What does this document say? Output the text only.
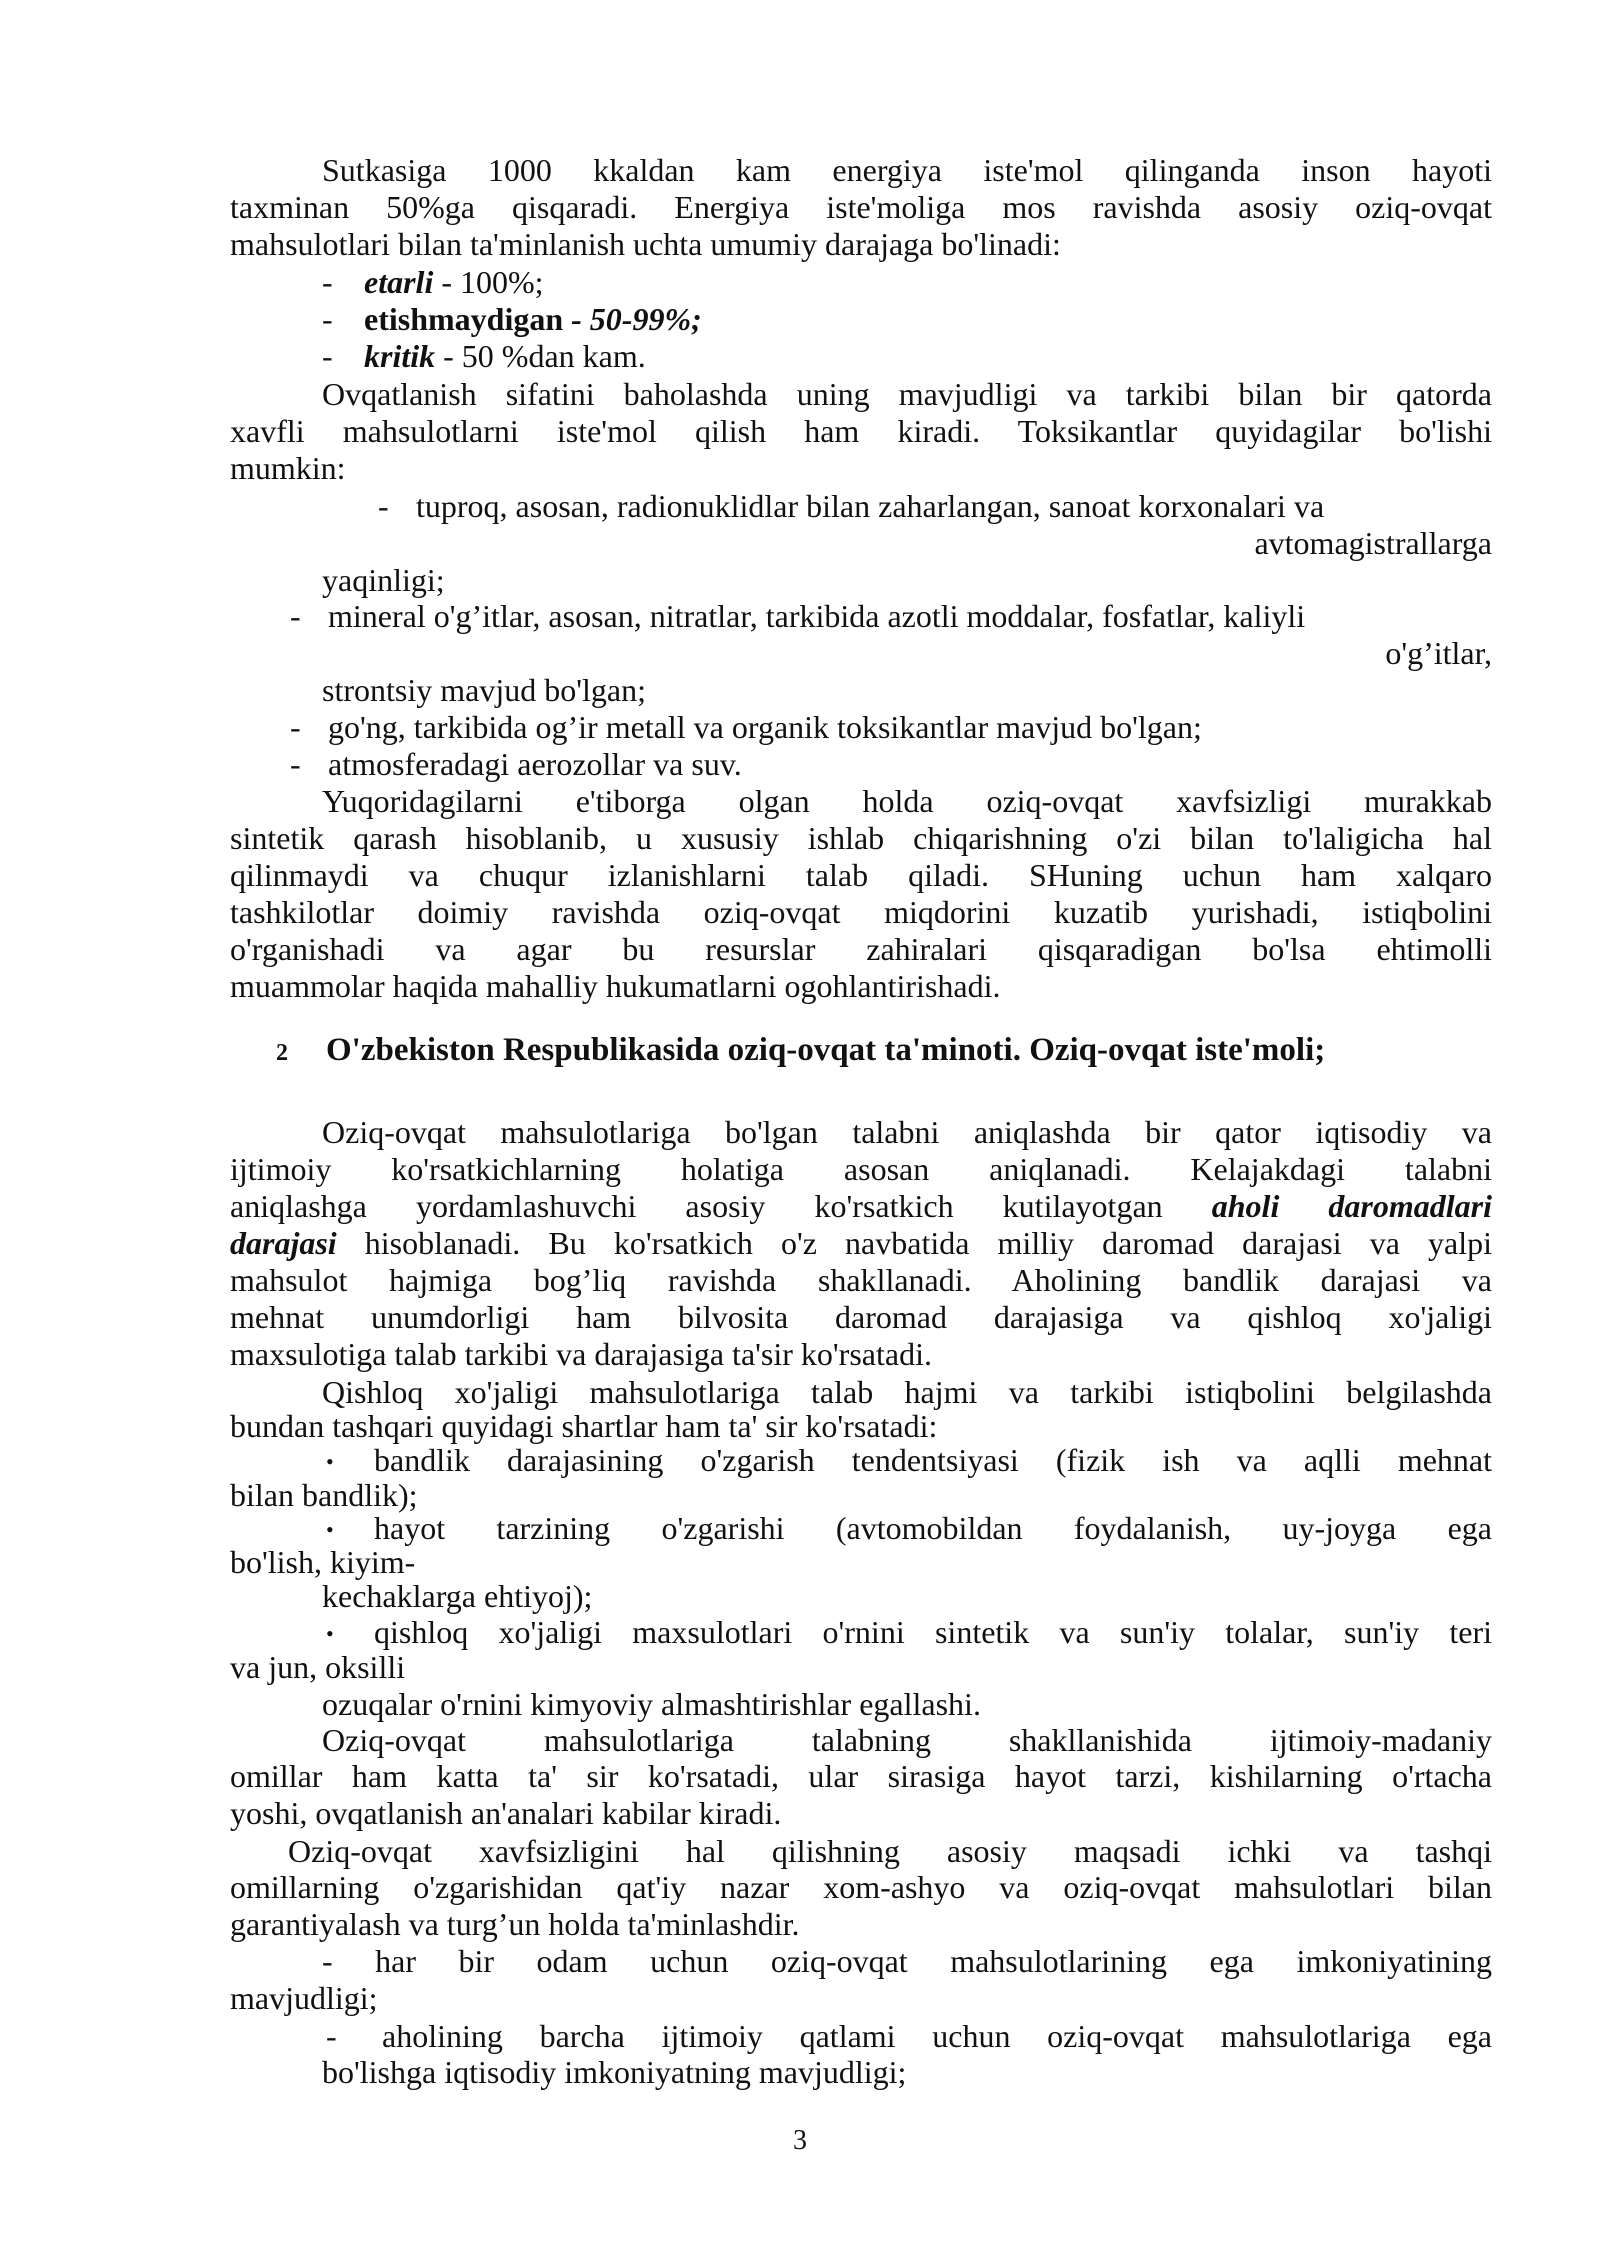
Sutkasiga 1000 kkaldan kam energiya iste'mol qilinganda inson hayoti
taxminan 50%ga qisqaradi. Energiya iste'moliga mos ravishda asosiy oziq-ovqat
mahsulotlari bilan ta'minlanish uchta umumiy darajaga bo'linadi:
- etarli - 100%;
- etishmaydigan - 50-99%;
- kritik - 50 %dan kam.
Ovqatlanish sifatini baholashda uning mavjudligi va tarkibi bilan bir qatorda
xavfli mahsulotlarni iste'mol qilish ham kiradi. Toksikantlar quyidagilar bo'lishi
mumkin:
- tuproq, asosan, radionuklidlar bilan zaharlangan, sanoat korxonalari va
avtomagistrallarga
yaqinligi;
- mineral o'g’itlar, asosan, nitratlar, tarkibida azotli moddalar, fosfatlar, kaliyli
o'g’itlar,
strontsiy mavjud bo'lgan;
- go'ng, tarkibida og’ir metall va organik toksikantlar mavjud bo'lgan;
- atmosferadagi aerozollar va suv.
Yuqoridagilarni e'tiborga olgan holda oziq-ovqat xavfsizligi murakkab
sintetik qarash hisoblanib, u xususiy ishlab chiqarishning o'zi bilan to'laligicha hal
qilinmaydi va chuqur izlanishlarni talab qiladi. SHuning uchun ham xalqaro
tashkilotlar doimiy ravishda oziq-ovqat miqdorini kuzatib yurishadi, istiqbolini
o'rganishadi va agar bu resurslar zahiralari qisqaradigan bo'lsa ehtimolli
muammolar haqida mahalliy hukumatlarni ogohlantirishadi.
2 O'zbekiston Respublikasida oziq-ovqat ta'minoti. Oziq-ovqat iste'moli;
Oziq-ovqat mahsulotlariga bo'lgan talabni aniqlashda bir qator iqtisodiy va
ijtimoiy ko'rsatkichlarning holatiga asosan aniqlanadi. Kelajakdagi talabni
aniqlashga yordamlashuvchi asosiy ko'rsatkich kutilayotgan aholi daromadlari
darajasi hisoblanadi. Bu ko'rsatkich o'z navbatida milliy daromad darajasi va yalpi
mahsulot hajmiga bog’liq ravishda shakllanadi. Aholining bandlik darajasi va
mehnat unumdorligi ham bilvosita daromad darajasiga va qishloq xo'jaligi
maxsulotiga talab tarkibi va darajasiga ta'sir ko'rsatadi.
Qishloq xo'jaligi mahsulotlariga talab hajmi va tarkibi istiqbolini belgilashda
bundan tashqari quyidagi shartlar ham ta' sir ko'rsatadi:
• bandlik darajasining o'zgarish tendentsiyasi (fizik ish va aqlli mehnat
bilan bandlik);
• hayot tarzining o'zgarishi (avtomobildan foydalanish, uy-joyga ega
bo'lish, kiyim-
kechaklarga ehtiyoj);
• qishloq xo'jaligi maxsulotlari o'rnini sintetik va sun'iy tolalar, sun'iy teri
va jun, oksilli
ozuqalar o'rnini kimyoviy almashtirishlar egallashi.
Oziq-ovqat mahsulotlariga talabning shakllanishida ijtimoiy-madaniy
omillar ham katta ta' sir ko'rsatadi, ular sirasiga hayot tarzi, kishilarning o'rtacha
yoshi, ovqatlanish an'analari kabilar kiradi.
Oziq-ovqat xavfsizligini hal qilishning asosiy maqsadi ichki va tashqi
omillarning o'zgarishidan qat'iy nazar xom-ashyo va oziq-ovqat mahsulotlari bilan
garantiyalash va turg’un holda ta'minlashdir.
- har bir odam uchun oziq-ovqat mahsulotlarining ega imkoniyatining
mavjudligi;
- aholining barcha ijtimoiy qatlami uchun oziq-ovqat mahsulotlariga ega
bo'lishga iqtisodiy imkoniyatning mavjudligi;
3
